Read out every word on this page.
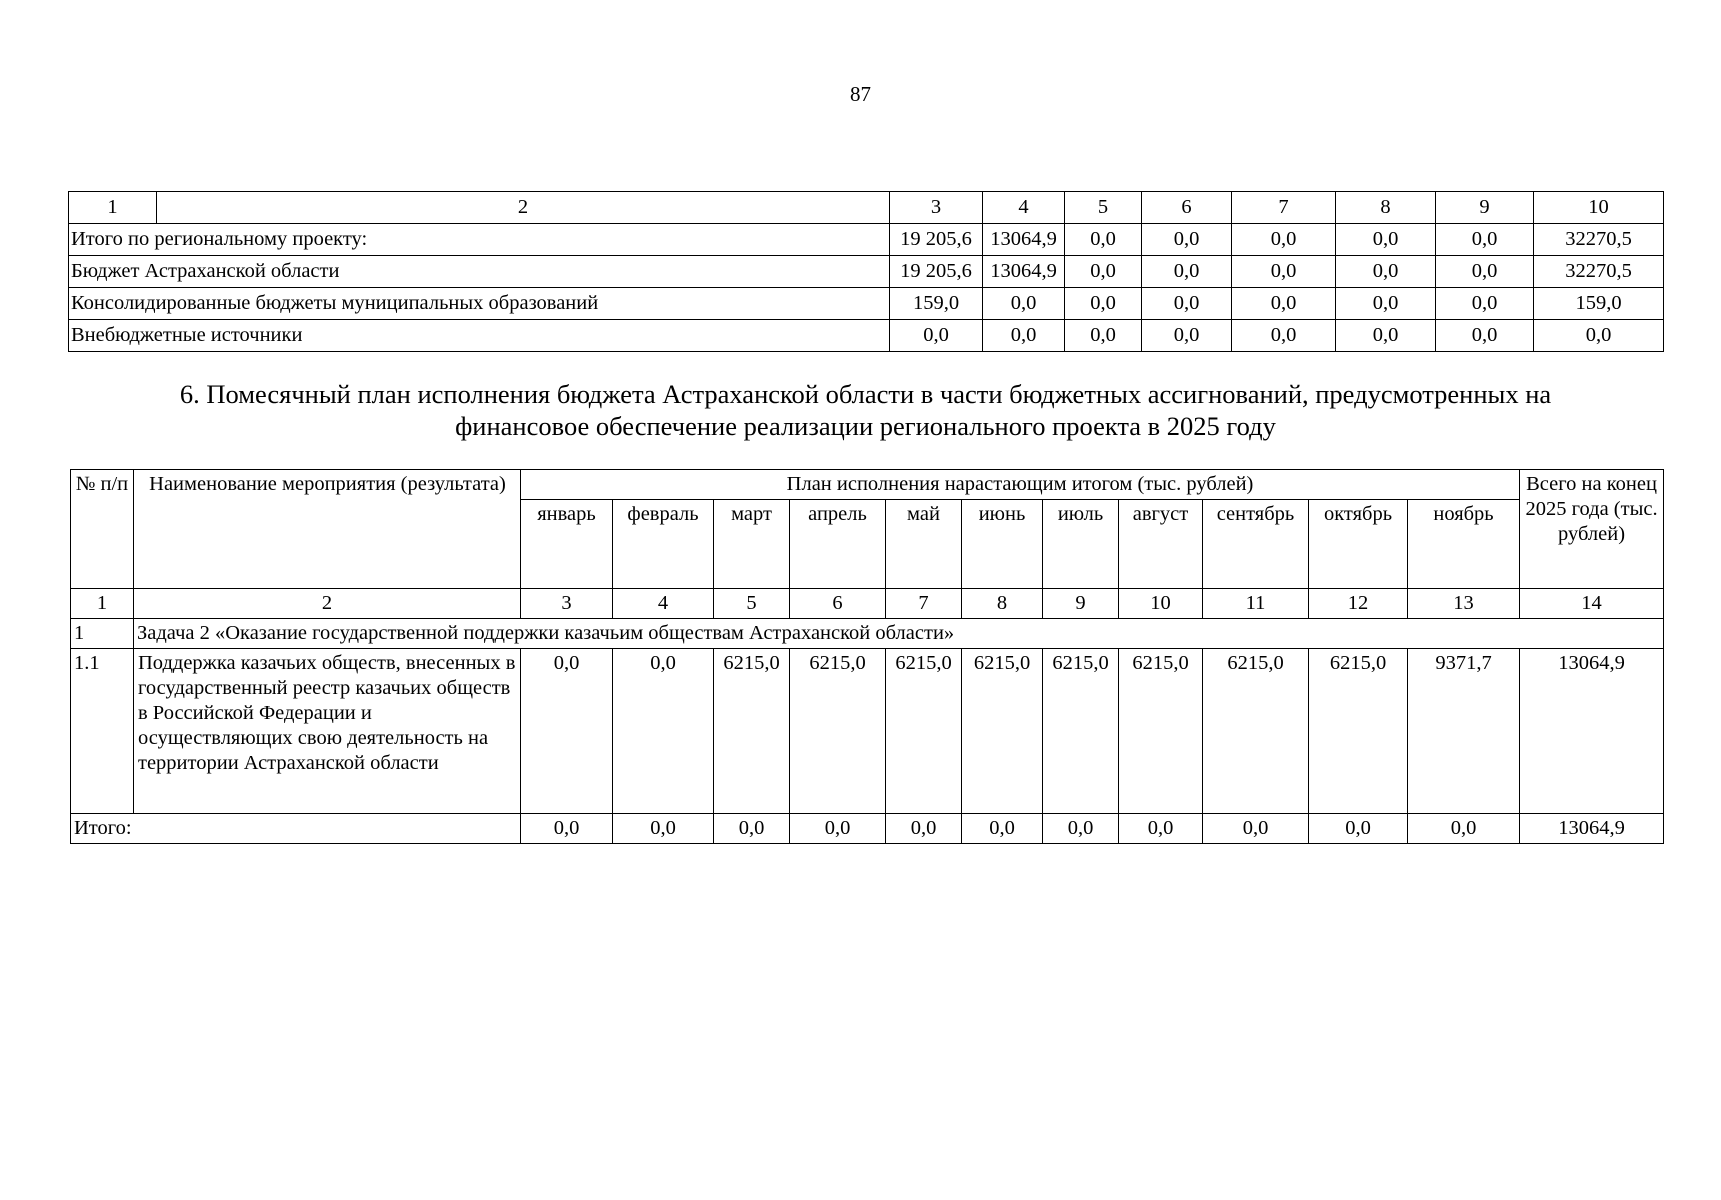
87
1	2	3	4	5	6	7	8	9	10
Итого по региональному проекту:		19 205,6	13064,9	0,0	0,0	0,0	0,0	0,0	32270,5
Бюджет Астраханской области		19 205,6	13064,9	0,0	0,0	0,0	0,0	0,0	32270,5
Консолидированные бюджеты муниципальных образований		159,0	0,0	0,0	0,0	0,0	0,0	0,0	159,0
Внебюджетные источники		0,0	0,0	0,0	0,0	0,0	0,0	0,0	0,0
6. Помесячный план исполнения бюджета Астраханской области в части бюджетных ассигнований, предусмотренных на
финансовое обеспечение реализации регионального проекта в 2025 году
№ п/п	Наименование мероприятия (результата)	План исполнения нарастающим итогом (тыс. рублей)											Всего на конец 2025 года (тыс. рублей)
		январь	февраль	март	апрель	май	июнь	июль	август	сентябрь	октябрь	ноябрь	
1	2	3	4	5	6	7	8	9	10	11	12	13	14
1	Задача 2 «Оказание государственной поддержки казачьим обществам Астраханской области»												
1.1	Поддержка казачьих обществ, внесенных в государственный реестр казачьих обществ в Российской Федерации и осуществляющих свою деятельность на территории Астраханской области	0,0	0,0	6215,0	6215,0	6215,0	6215,0	6215,0	6215,0	6215,0	6215,0	9371,7	13064,9
Итого:		0,0	0,0	0,0	0,0	0,0	0,0	0,0	0,0	0,0	0,0	0,0	13064,9
